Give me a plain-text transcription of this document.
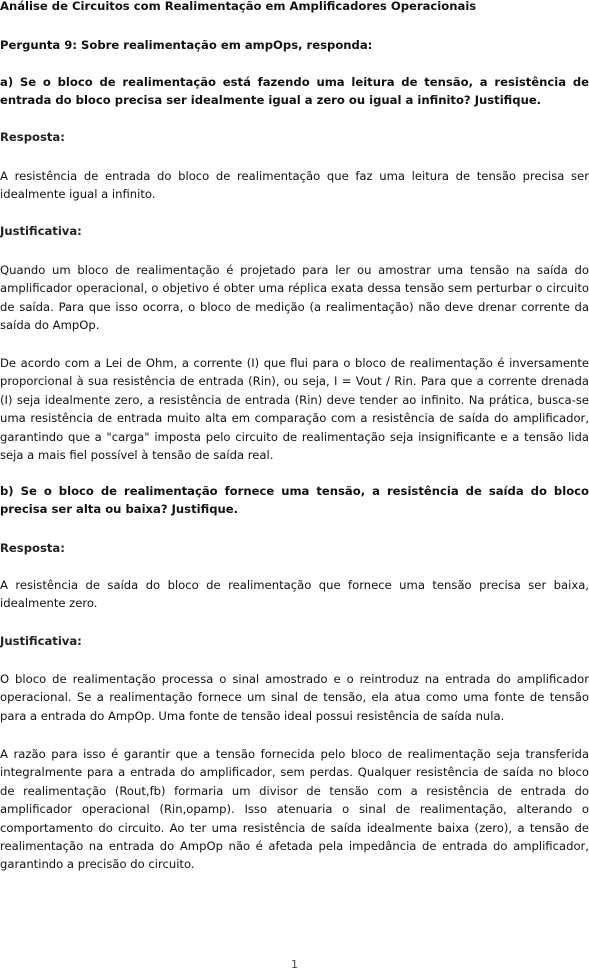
Análise de Circuitos com Realimentação em Amplificadores Operacionais

Pergunta 9: Sobre realimentação em ampOps, responda:

a) Se o bloco de realimentação está fazendo uma leitura de tensão, a resistência de entrada do bloco precisa ser idealmente igual a zero ou igual a infinito? Justifique.

Resposta:

A resistência de entrada do bloco de realimentação que faz uma leitura de tensão precisa ser idealmente igual a infinito.

Justificativa:

Quando um bloco de realimentação é projetado para ler ou amostrar uma tensão na saída do amplificador operacional, o objetivo é obter uma réplica exata dessa tensão sem perturbar o circuito de saída. Para que isso ocorra, o bloco de medição (a realimentação) não deve drenar corrente da saída do AmpOp.

De acordo com a Lei de Ohm, a corrente (I) que flui para o bloco de realimentação é inversamente proporcional à sua resistência de entrada (Rin), ou seja, I = Vout / Rin. Para que a corrente drenada (I) seja idealmente zero, a resistência de entrada (Rin) deve tender ao infinito. Na prática, busca-se uma resistência de entrada muito alta em comparação com a resistência de saída do amplificador, garantindo que a "carga" imposta pelo circuito de realimentação seja insignificante e a tensão lida seja a mais fiel possível à tensão de saída real.

b) Se o bloco de realimentação fornece uma tensão, a resistência de saída do bloco precisa ser alta ou baixa? Justifique.

Resposta:

A resistência de saída do bloco de realimentação que fornece uma tensão precisa ser baixa, idealmente zero.

Justificativa:

O bloco de realimentação processa o sinal amostrado e o reintroduz na entrada do amplificador operacional. Se a realimentação fornece um sinal de tensão, ela atua como uma fonte de tensão para a entrada do AmpOp. Uma fonte de tensão ideal possui resistência de saída nula.

A razão para isso é garantir que a tensão fornecida pelo bloco de realimentação seja transferida integralmente para a entrada do amplificador, sem perdas. Qualquer resistência de saída no bloco de realimentação (Rout,fb) formaria um divisor de tensão com a resistência de entrada do amplificador operacional (Rin,opamp). Isso atenuaria o sinal de realimentação, alterando o comportamento do circuito. Ao ter uma resistência de saída idealmente baixa (zero), a tensão de realimentação na entrada do AmpOp não é afetada pela impedância de entrada do amplificador, garantindo a precisão do circuito.

1
